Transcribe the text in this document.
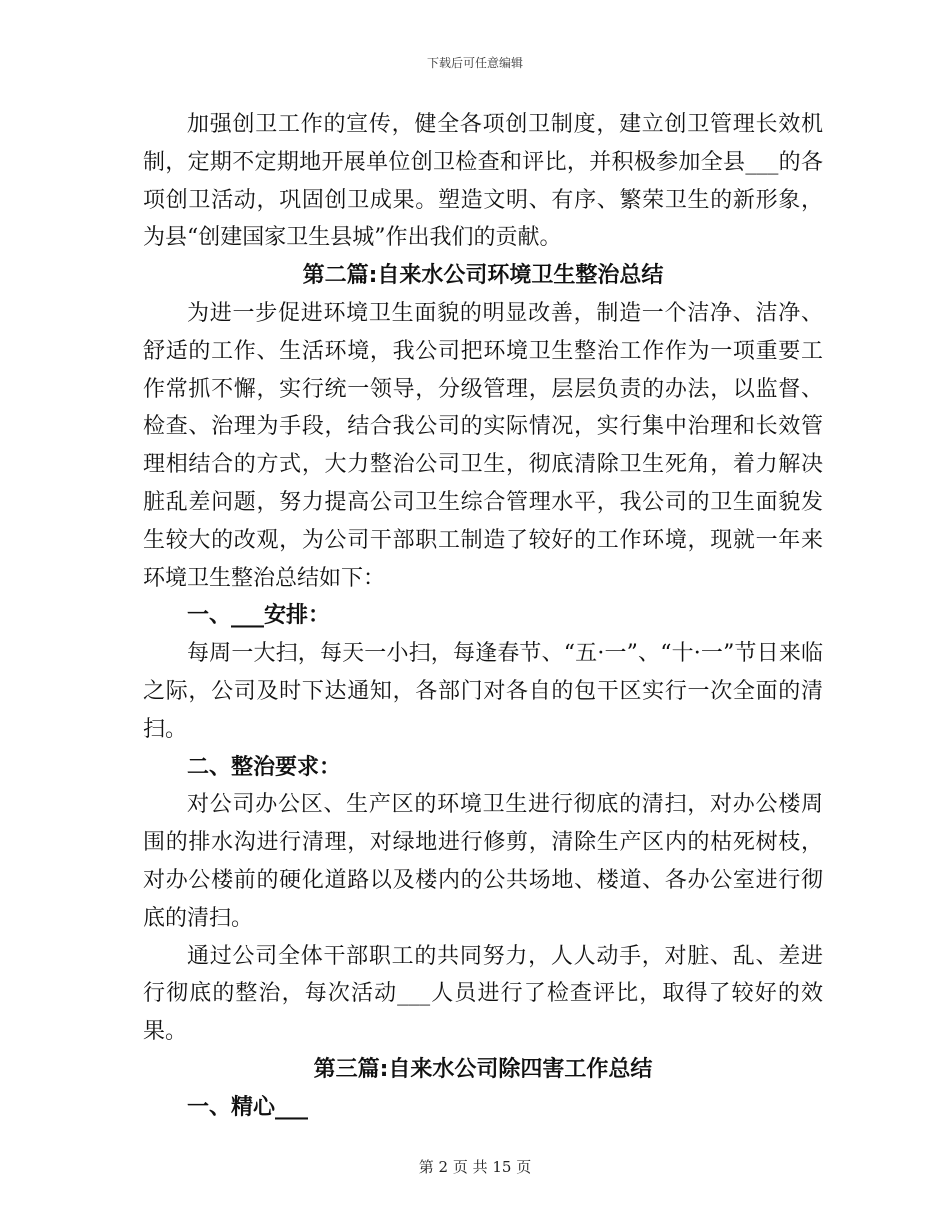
下载后可任意编辑

加强创卫工作的宣传，健全各项创卫制度，建立创卫管理长效机制，定期不定期地开展单位创卫检查和评比，并积极参加全县___的各项创卫活动，巩固创卫成果。塑造文明、有序、繁荣卫生的新形象，为县“创建国家卫生县城”作出我们的贡献。

第二篇:自来水公司环境卫生整治总结

为进一步促进环境卫生面貌的明显改善，制造一个洁净、洁净、舒适的工作、生活环境，我公司把环境卫生整治工作作为一项重要工作常抓不懈，实行统一领导，分级管理，层层负责的办法，以监督、检查、治理为手段，结合我公司的实际情况，实行集中治理和长效管理相结合的方式，大力整治公司卫生，彻底清除卫生死角，着力解决脏乱差问题，努力提高公司卫生综合管理水平，我公司的卫生面貌发生较大的改观，为公司干部职工制造了较好的工作环境，现就一年来环境卫生整治总结如下：

一、___安排：

每周一大扫，每天一小扫，每逢春节、“五·一”、“十·一”节日来临之际，公司及时下达通知，各部门对各自的包干区实行一次全面的清扫。

二、整治要求：

对公司办公区、生产区的环境卫生进行彻底的清扫，对办公楼周围的排水沟进行清理，对绿地进行修剪，清除生产区内的枯死树枝，对办公楼前的硬化道路以及楼内的公共场地、楼道、各办公室进行彻底的清扫。

通过公司全体干部职工的共同努力，人人动手，对脏、乱、差进行彻底的整治，每次活动___人员进行了检查评比，取得了较好的效果。

第三篇:自来水公司除四害工作总结

一、精心___

第 2 页 共 15 页
